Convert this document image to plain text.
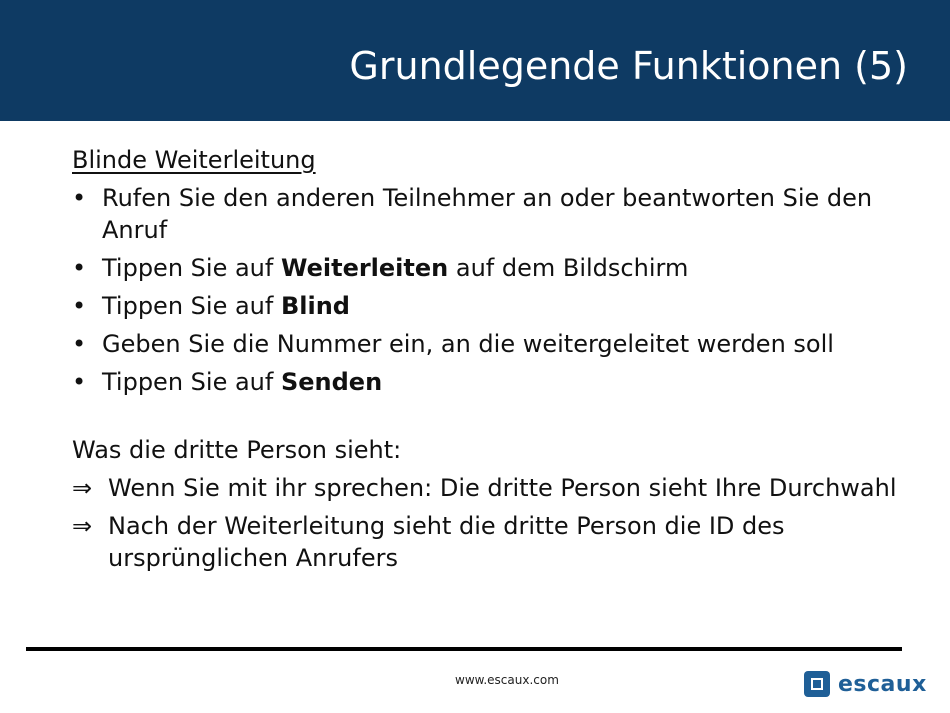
Grundlegende Funktionen (5)
Blinde Weiterleitung
• Rufen Sie den anderen Teilnehmer an oder beantworten Sie den Anruf
• Tippen Sie auf Weiterleiten auf dem Bildschirm
• Tippen Sie auf Blind
• Geben Sie die Nummer ein, an die weitergeleitet werden soll
• Tippen Sie auf Senden
Was die dritte Person sieht:
⇒ Wenn Sie mit ihr sprechen: Die dritte Person sieht Ihre Durchwahl
⇒ Nach der Weiterleitung sieht die dritte Person die ID des ursprünglichen Anrufers
www.escaux.com	escaux
